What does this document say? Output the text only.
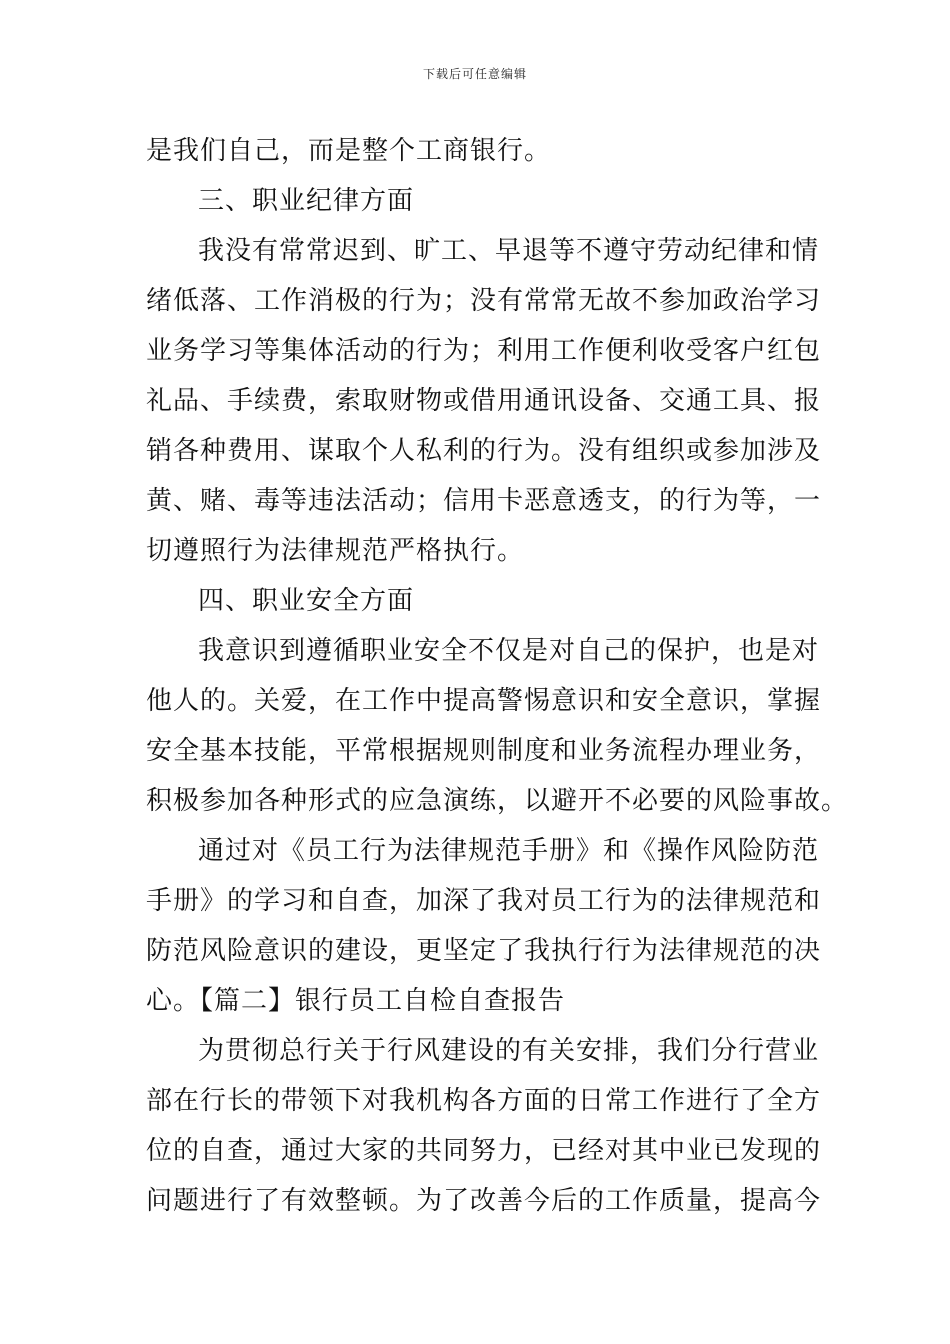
下载后可任意编辑
是我们自己，而是整个工商银行。
三、职业纪律方面
我没有常常迟到、旷工、早退等不遵守劳动纪律和情
绪低落、工作消极的行为；没有常常无故不参加政治学习
业务学习等集体活动的行为；利用工作便利收受客户红包
礼品、手续费，索取财物或借用通讯设备、交通工具、报
销各种费用、谋取个人私利的行为。没有组织或参加涉及
黄、赌、毒等违法活动；信用卡恶意透支，的行为等，一
切遵照行为法律规范严格执行。
四、职业安全方面
我意识到遵循职业安全不仅是对自己的保护，也是对
他人的。关爱，在工作中提高警惕意识和安全意识，掌握
安全基本技能，平常根据规则制度和业务流程办理业务，
积极参加各种形式的应急演练，以避开不必要的风险事故。
通过对《员工行为法律规范手册》和《操作风险防范
手册》的学习和自查，加深了我对员工行为的法律规范和
防范风险意识的建设，更坚定了我执行行为法律规范的决
心。【篇二】银行员工自检自查报告
为贯彻总行关于行风建设的有关安排，我们分行营业
部在行长的带领下对我机构各方面的日常工作进行了全方
位的自查，通过大家的共同努力，已经对其中业已发现的
问题进行了有效整顿。为了改善今后的工作质量，提高今
